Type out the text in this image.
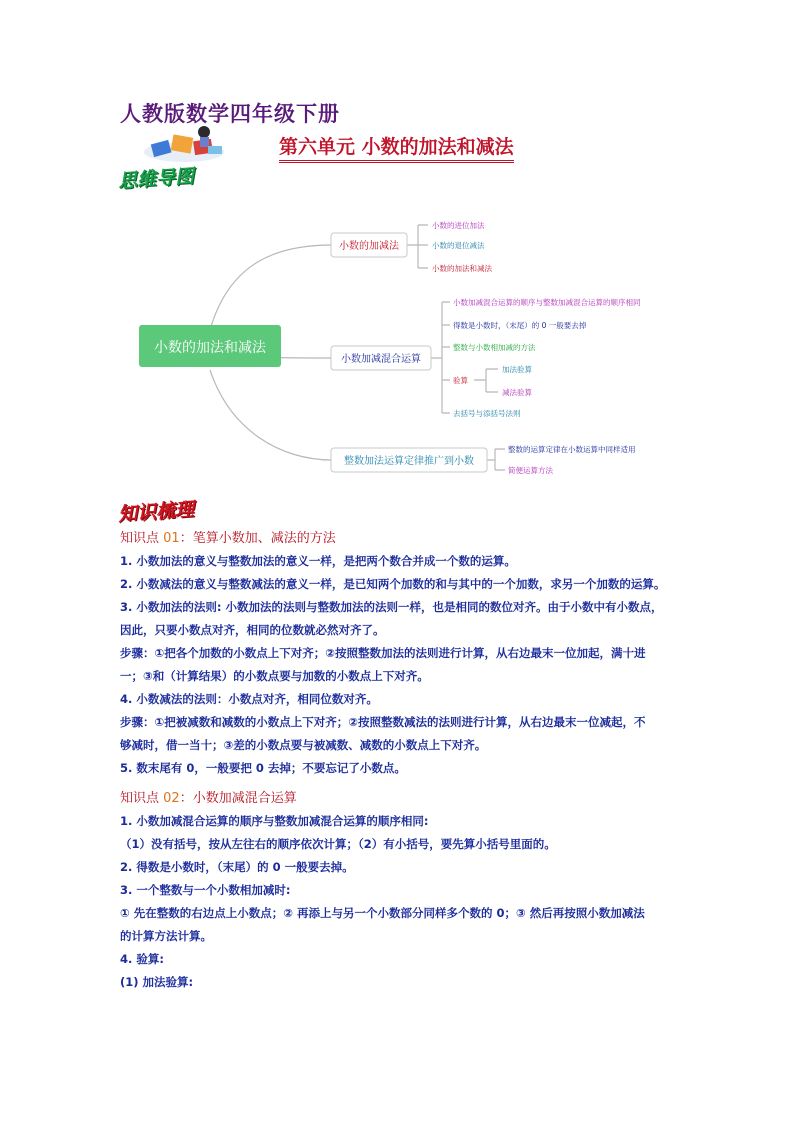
人教版数学四年级下册
第六单元 小数的加法和减法
思维导图
小数的加法和减法
小数的加减法
小数加减混合运算
整数加法运算定律推广到小数
小数的进位加法
小数的退位减法
小数的加法和减法
小数加减混合运算的顺序与整数加减混合运算的顺序相同
得数是小数时，（末尾）的 0 一般要去掉
整数与小数相加减的方法
验算
去括号与添括号法则
加法验算
减法验算
整数的运算定律在小数运算中同样适用
简便运算方法
知识梳理
知识点 01：笔算小数加、减法的方法
1. 小数加法的意义与整数加法的意义一样，是把两个数合并成一个数的运算。
2. 小数减法的意义与整数减法的意义一样，是已知两个加数的和与其中的一个加数，求另一个加数的运算。
3. 小数加法的法则: 小数加法的法则与整数加法的法则一样，也是相同的数位对齐。由于小数中有小数点，
因此，只要小数点对齐，相同的位数就必然对齐了。
步骤：①把各个加数的小数点上下对齐；②按照整数加法的法则进行计算，从右边最末一位加起，满十进
一；③和（计算结果）的小数点要与加数的小数点上下对齐。
4. 小数减法的法则：小数点对齐，相同位数对齐。
步骤：①把被减数和减数的小数点上下对齐；②按照整数减法的法则进行计算，从右边最末一位减起，不
够减时，借一当十；③差的小数点要与被减数、减数的小数点上下对齐。
5. 数末尾有 0，一般要把 0 去掉；不要忘记了小数点。
知识点 02：小数加减混合运算
1. 小数加减混合运算的顺序与整数加减混合运算的顺序相同:
（1）没有括号，按从左往右的顺序依次计算；（2）有小括号，要先算小括号里面的。
2. 得数是小数时，（末尾）的 0 一般要去掉。
3. 一个整数与一个小数相加减时:
① 先在整数的右边点上小数点；② 再添上与另一个小数部分同样多个数的 0；③ 然后再按照小数加减法
的计算方法计算。
4. 验算:
(1) 加法验算:
